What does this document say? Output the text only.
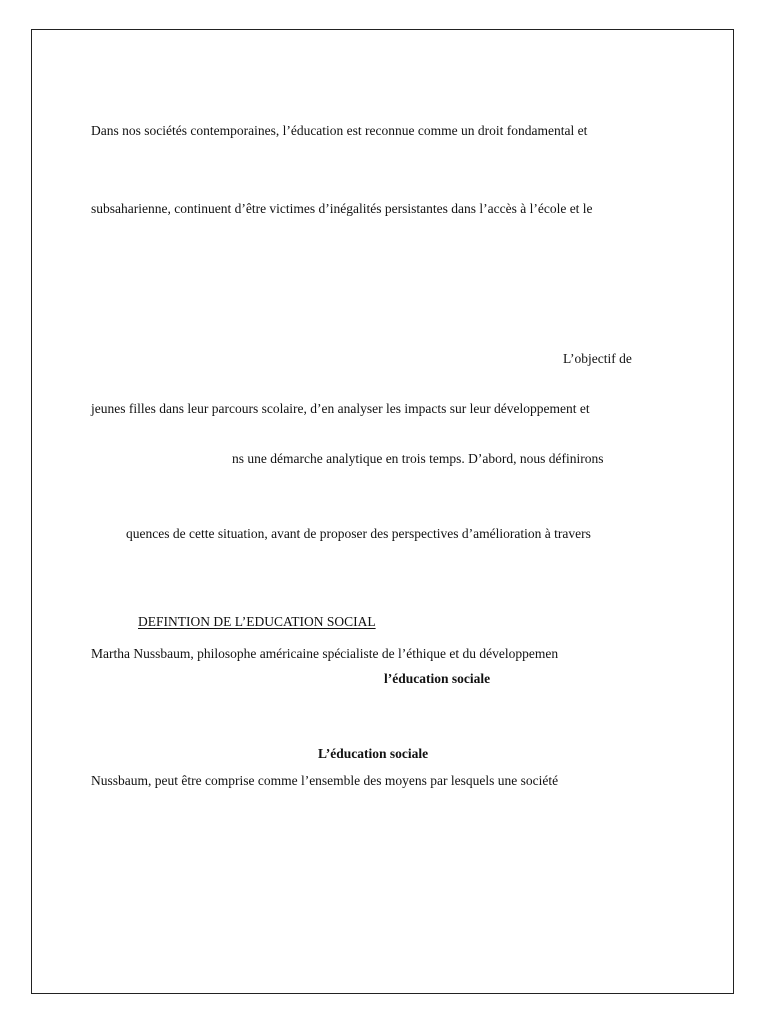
Dans nos sociétés contemporaines, l’éducation est reconnue comme un droit fondamental et

subsaharienne, continuent d’être victimes d’inégalités persistantes dans l’accès à l’école et le

L’objectif de

jeunes filles dans leur parcours scolaire, d’en analyser les impacts sur leur développement et

ns une démarche analytique en trois temps. D’abord, nous définirons

quences de cette situation, avant de proposer des perspectives d’amélioration à travers

DEFINTION DE L’EDUCATION SOCIAL

Martha Nussbaum, philosophe américaine spécialiste de l’éthique et du développemen

l’éducation sociale

L’éducation sociale

Nussbaum, peut être comprise comme l’ensemble des moyens par lesquels une société
